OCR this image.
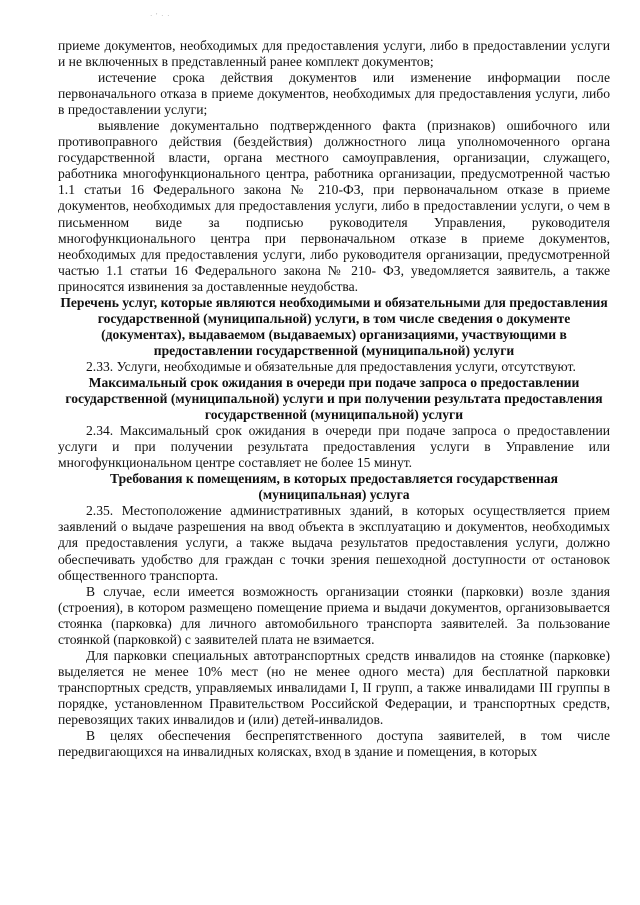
· ' · ·

приеме документов, необходимых для предоставления услуги, либо в предоставлении услуги и не включенных в представленный ранее комплект документов;

истечение срока действия документов или изменение информации после первоначального отказа в приеме документов, необходимых для предоставления услуги, либо в предоставлении услуги;

выявление документально подтвержденного факта (признаков) ошибочного или противоправного действия (бездействия) должностного лица уполномоченного органа государственной власти, органа местного самоуправления, организации, служащего, работника многофункционального центра, работника организации, предусмотренной частью 1.1 статьи 16 Федерального закона № 210-ФЗ, при первоначальном отказе в приеме документов, необходимых для предоставления услуги, либо в предоставлении услуги, о чем в письменном виде за подписью руководителя Управления, руководителя многофункционального центра при первоначальном отказе в приеме документов, необходимых для предоставления услуги, либо руководителя организации, предусмотренной частью 1.1 статьи 16 Федерального закона № 210- ФЗ, уведомляется заявитель, а также приносятся извинения за доставленные неудобства.

Перечень услуг, которые являются необходимыми и обязательными для предоставления государственной (муниципальной) услуги, в том числе сведения о документе (документах), выдаваемом (выдаваемых) организациями, участвующими в предоставлении государственной (муниципальной) услуги

2.33. Услуги, необходимые и обязательные для предоставления услуги, отсутствуют.

Максимальный срок ожидания в очереди при подаче запроса о предоставлении государственной (муниципальной) услуги и при получении результата предоставления государственной (муниципальной) услуги

2.34. Максимальный срок ожидания в очереди при подаче запроса о предоставлении услуги и при получении результата предоставления услуги в Управление или многофункциональном центре составляет не более 15 минут.

Требования к помещениям, в которых предоставляется государственная (муниципальная) услуга

2.35. Местоположение административных зданий, в которых осуществляется прием заявлений о выдаче разрешения на ввод объекта в эксплуатацию и документов, необходимых для предоставления услуги, а также выдача результатов предоставления услуги, должно обеспечивать удобство для граждан с точки зрения пешеходной доступности от остановок общественного транспорта.

В случае, если имеется возможность организации стоянки (парковки) возле здания (строения), в котором размещено помещение приема и выдачи документов, организовывается стоянка (парковка) для личного автомобильного транспорта заявителей. За пользование стоянкой (парковкой) с заявителей плата не взимается.

Для парковки специальных автотранспортных средств инвалидов на стоянке (парковке) выделяется не менее 10% мест (но не менее одного места) для бесплатной парковки транспортных средств, управляемых инвалидами I, II групп, а также инвалидами III группы в порядке, установленном Правительством Российской Федерации, и транспортных средств, перевозящих таких инвалидов и (или) детей-инвалидов.

В целях обеспечения беспрепятственного доступа заявителей, в том числе передвигающихся на инвалидных колясках, вход в здание и помещения, в которых
